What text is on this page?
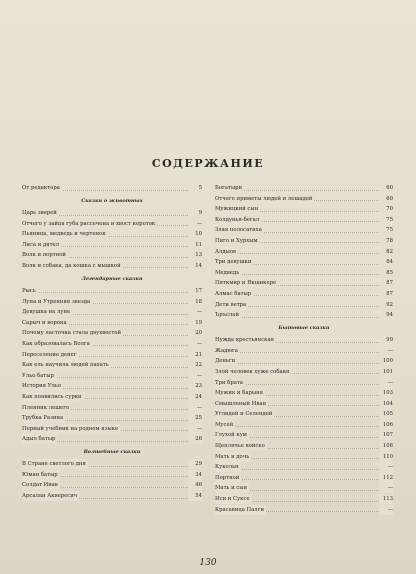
СОДЕРЖАНИЕ
От редактора	5
Сказки о животных
Царь зверей	9
Отчего у зайца губа рассечена и хвост короток	—
Пьяница, медведь и чертенок	10
Лиса и дятел	11
Волк и портной	13
Волк и собака, да кошка с мышкой	14
Легендарные сказки
Рысь	17
Луна и Утренняя звезда	18
Девушка на луне	—
Сарыч и ворона	19
Почему ласточка стала двухвостой	20
Как образовалась Волга	—
Переселение денег	21
Как ель научила людей пахать	22
Ульо батыр	—
История Ульо	23
Как появились сурки	24
Пленник лешего	—
Трубка Разина	25
Первый учебник на родном языке	—
Адыл батыр	26
Волшебные сказки
В Стране светлого дня	29
Юман батыр	34
Солдат Иван	46
Арсалан Аквересич	54
Богатыри	60
Отчего приметы людей и лошадей	69
Мужицкий сын	70
Колдунья-бегал	75
Злая полосатиха	75
Пиго и Хурхым	78
Алдыов	82
Три девушки	84
Медведь	85
Пяткмир и Якшикере	87
Алмас батыр	87
Дети ветра	92
Ъръслай	94
Бытовые сказки
Нужда крестьянская	99
Жадюга	—
Деньги	100
Злой человек хуже собаки	101
Три брата	—
Мужик и барыня	103
Смышленый Иван	104
Углидей и Селендей	105
Мусей	106
Глухой кум	107
Щеплячье войско	108
Мать и дочь	110
Кукольн	—
Портной	112
Мать и сын	—
Иси и Суксе	113
Красавица Палги	—
130
